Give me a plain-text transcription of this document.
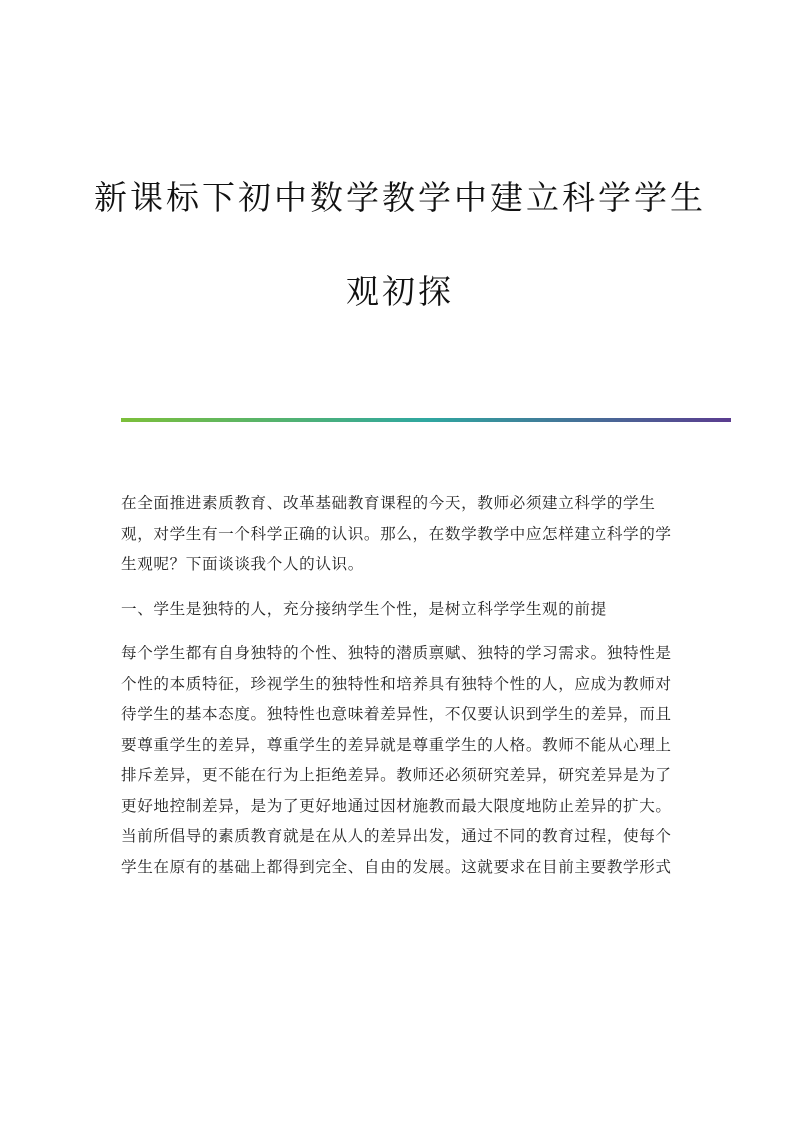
新课标下初中数学教学中建立科学学生
观初探
在全面推进素质教育、改革基础教育课程的今天，教师必须建立科学的学生
观，对学生有一个科学正确的认识。那么，在数学教学中应怎样建立科学的学
生观呢？下面谈谈我个人的认识。
一、学生是独特的人，充分接纳学生个性，是树立科学学生观的前提
每个学生都有自身独特的个性、独特的潜质禀赋、独特的学习需求。独特性是
个性的本质特征，珍视学生的独特性和培养具有独特个性的人，应成为教师对
待学生的基本态度。独特性也意味着差异性，不仅要认识到学生的差异，而且
要尊重学生的差异，尊重学生的差异就是尊重学生的人格。教师不能从心理上
排斥差异，更不能在行为上拒绝差异。教师还必须研究差异，研究差异是为了
更好地控制差异，是为了更好地通过因材施教而最大限度地防止差异的扩大。
当前所倡导的素质教育就是在从人的差异出发，通过不同的教育过程，使每个
学生在原有的基础上都得到完全、自由的发展。这就要求在目前主要教学形式
